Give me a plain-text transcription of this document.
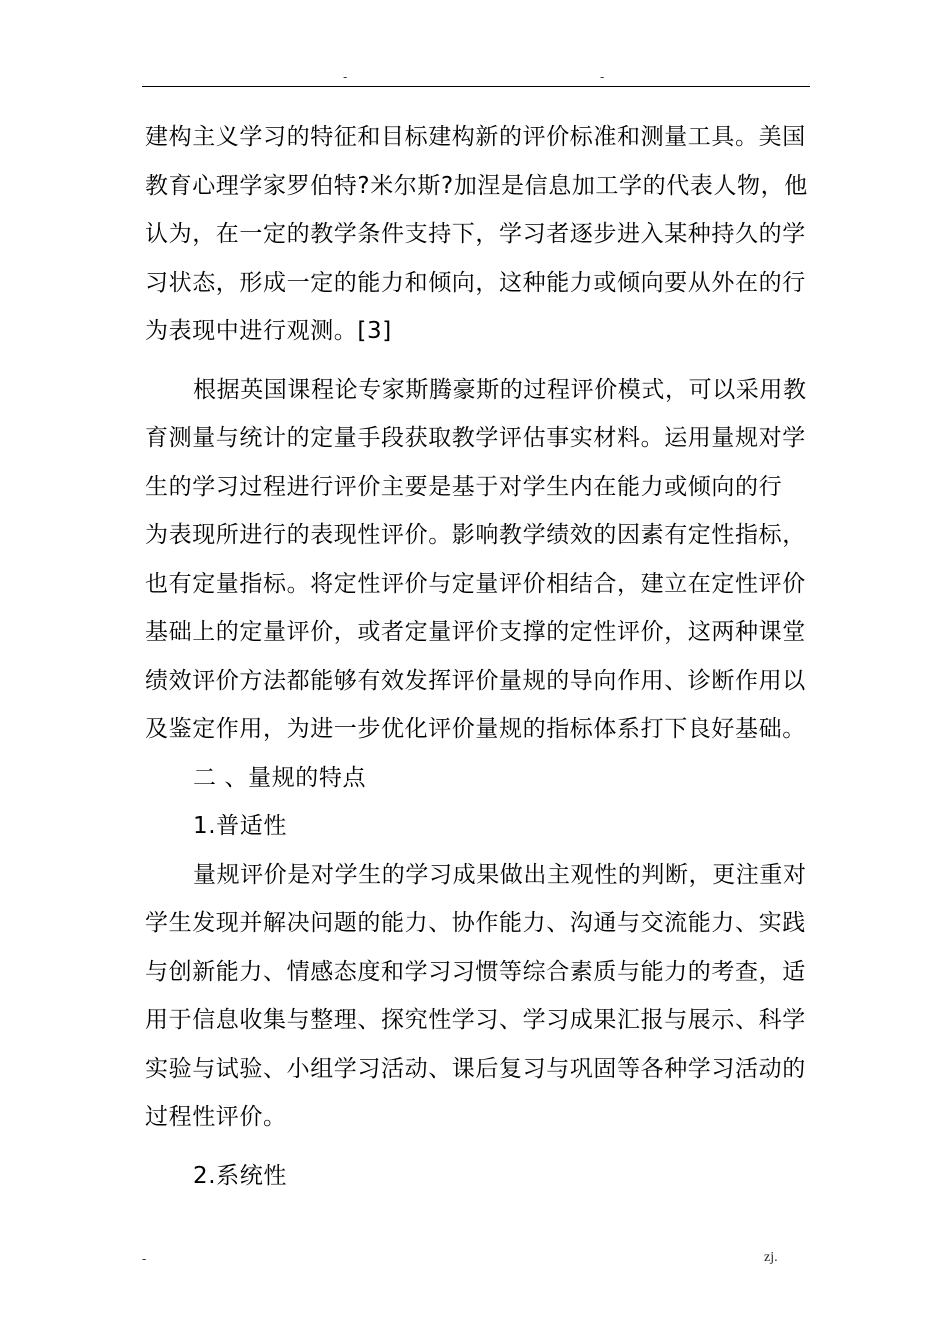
-	-
建构主义学习的特征和目标建构新的评价标准和测量工具。美国
教育心理学家罗伯特?米尔斯?加涅是信息加工学的代表人物，他
认为，在一定的教学条件支持下，学习者逐步进入某种持久的学
习状态，形成一定的能力和倾向，这种能力或倾向要从外在的行
为表现中进行观测。[3]
根据英国课程论专家斯腾豪斯的过程评价模式，可以采用教
育测量与统计的定量手段获取教学评估事实材料。运用量规对学
生的学习过程进行评价主要是基于对学生内在能力或倾向的行
为表现所进行的表现性评价。影响教学绩效的因素有定性指标，
也有定量指标。将定性评价与定量评价相结合，建立在定性评价
基础上的定量评价，或者定量评价支撑的定性评价，这两种课堂
绩效评价方法都能够有效发挥评价量规的导向作用、诊断作用以
及鉴定作用，为进一步优化评价量规的指标体系打下良好基础。
二 、量规的特点
1.普适性
量规评价是对学生的学习成果做出主观性的判断，更注重对
学生发现并解决问题的能力、协作能力、沟通与交流能力、实践
与创新能力、情感态度和学习习惯等综合素质与能力的考查，适
用于信息收集与整理、探究性学习、学习成果汇报与展示、科学
实验与试验、小组学习活动、课后复习与巩固等各种学习活动的
过程性评价。
2.系统性
-	zj.
